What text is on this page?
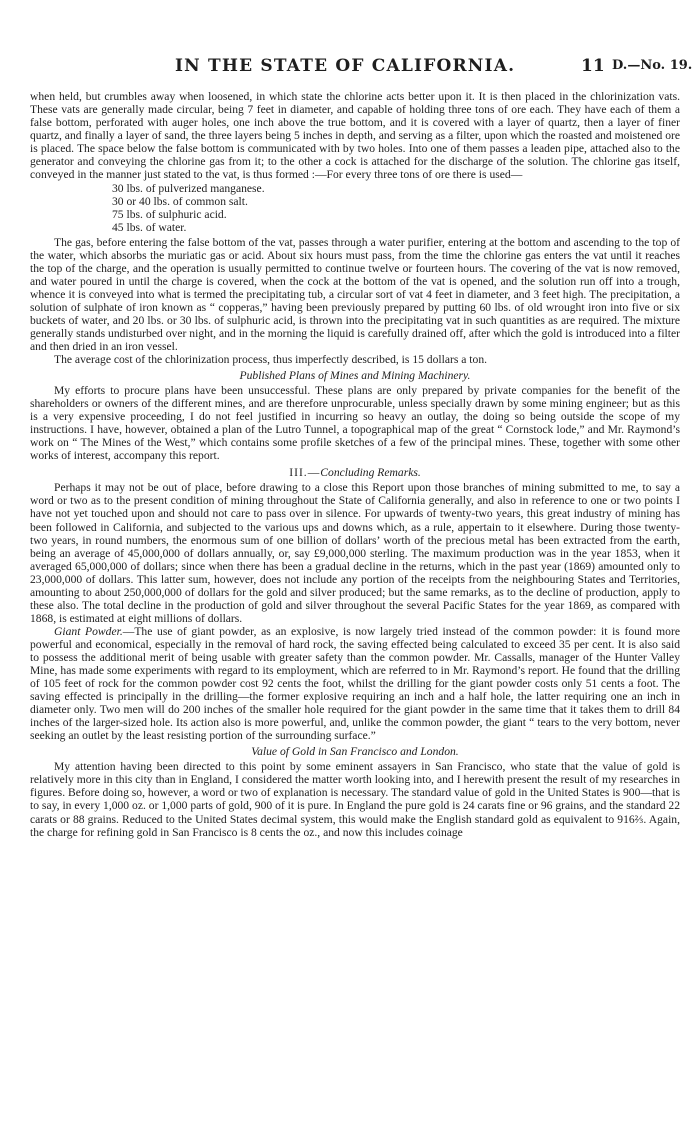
IN THE STATE OF CALIFORNIA.	11 D.—No. 19.

when held, but crumbles away when loosened, in which state the chlorine acts better upon it. It is then placed in the chlorinization vats. These vats are generally made circular, being 7 feet in diameter, and capable of holding three tons of ore each. They have each of them a false bottom, perforated with auger holes, one inch above the true bottom, and it is covered with a layer of quartz, then a layer of finer quartz, and finally a layer of sand, the three layers being 5 inches in depth, and serving as a filter, upon which the roasted and moistened ore is placed. The space below the false bottom is communicated with by two holes. Into one of them passes a leaden pipe, attached also to the generator and conveying the chlorine gas from it; to the other a cock is attached for the discharge of the solution. The chlorine gas itself, conveyed in the manner just stated to the vat, is thus formed :—For every three tons of ore there is used—

30 lbs. of pulverized manganese.
30 or 40 lbs. of common salt.
75 lbs. of sulphuric acid.
45 lbs. of water.

The gas, before entering the false bottom of the vat, passes through a water purifier, entering at the bottom and ascending to the top of the water, which absorbs the muriatic gas or acid. About six hours must pass, from the time the chlorine gas enters the vat until it reaches the top of the charge, and the operation is usually permitted to continue twelve or fourteen hours. The covering of the vat is now removed, and water poured in until the charge is covered, when the cock at the bottom of the vat is opened, and the solution run off into a trough, whence it is conveyed into what is termed the precipitating tub, a circular sort of vat 4 feet in diameter, and 3 feet high. The precipitation, a solution of sulphate of iron known as “ copperas,” having been previously prepared by putting 60 lbs. of old wrought iron into five or six buckets of water, and 20 lbs. or 30 lbs. of sulphuric acid, is thrown into the precipitating vat in such quantities as are required. The mixture generally stands undisturbed over night, and in the morning the liquid is carefully drained off, after which the gold is introduced into a filter and then dried in an iron vessel.

The average cost of the chlorinization process, thus imperfectly described, is 15 dollars a ton.

Published Plans of Mines and Mining Machinery.

My efforts to procure plans have been unsuccessful. These plans are only prepared by private companies for the benefit of the shareholders or owners of the different mines, and are therefore unprocurable, unless specially drawn by some mining engineer; but as this is a very expensive proceeding, I do not feel justified in incurring so heavy an outlay, the doing so being outside the scope of my instructions. I have, however, obtained a plan of the Lutro Tunnel, a topographical map of the great “ Cornstock lode,” and Mr. Raymond’s work on “ The Mines of the West,” which contains some profile sketches of a few of the principal mines. These, together with some other works of interest, accompany this report.

III.—Concluding Remarks.

Perhaps it may not be out of place, before drawing to a close this Report upon those branches of mining submitted to me, to say a word or two as to the present condition of mining throughout the State of California generally, and also in reference to one or two points I have not yet touched upon and should not care to pass over in silence. For upwards of twenty-two years, this great industry of mining has been followed in California, and subjected to the various ups and downs which, as a rule, appertain to it elsewhere. During those twenty-two years, in round numbers, the enormous sum of one billion of dollars’ worth of the precious metal has been extracted from the earth, being an average of 45,000,000 of dollars annually, or, say £9,000,000 sterling. The maximum production was in the year 1853, when it averaged 65,000,000 of dollars; since when there has been a gradual decline in the returns, which in the past year (1869) amounted only to 23,000,000 of dollars. This latter sum, however, does not include any portion of the receipts from the neighbouring States and Territories, amounting to about 250,000,000 of dollars for the gold and silver produced; but the same remarks, as to the decline of production, apply to these also. The total decline in the production of gold and silver throughout the several Pacific States for the year 1869, as compared with 1868, is estimated at eight millions of dollars.

Giant Powder.—The use of giant powder, as an explosive, is now largely tried instead of the common powder: it is found more powerful and economical, especially in the removal of hard rock, the saving effected being calculated to exceed 35 per cent. It is also said to possess the additional merit of being usable with greater safety than the common powder. Mr. Cassalls, manager of the Hunter Valley Mine, has made some experiments with regard to its employment, which are referred to in Mr. Raymond’s report. He found that the drilling of 105 feet of rock for the common powder cost 92 cents the foot, whilst the drilling for the giant powder costs only 51 cents a foot. The saving effected is principally in the drilling—the former explosive requiring an inch and a half hole, the latter requiring one an inch in diameter only. Two men will do 200 inches of the smaller hole required for the giant powder in the same time that it takes them to drill 84 inches of the larger-sized hole. Its action also is more powerful, and, unlike the common powder, the giant “ tears to the very bottom, never seeking an outlet by the least resisting portion of the surrounding surface.”

Value of Gold in San Francisco and London.

My attention having been directed to this point by some eminent assayers in San Francisco, who state that the value of gold is relatively more in this city than in England, I considered the matter worth looking into, and I herewith present the result of my researches in figures. Before doing so, however, a word or two of explanation is necessary. The standard value of gold in the United States is 900—that is to say, in every 1,000 oz. or 1,000 parts of gold, 900 of it is pure. In England the pure gold is 24 carats fine or 96 grains, and the standard 22 carats or 88 grains. Reduced to the United States decimal system, this would make the English standard gold as equivalent to 916⅔. Again, the charge for refining gold in San Francisco is 8 cents the oz., and now this includes coinage
